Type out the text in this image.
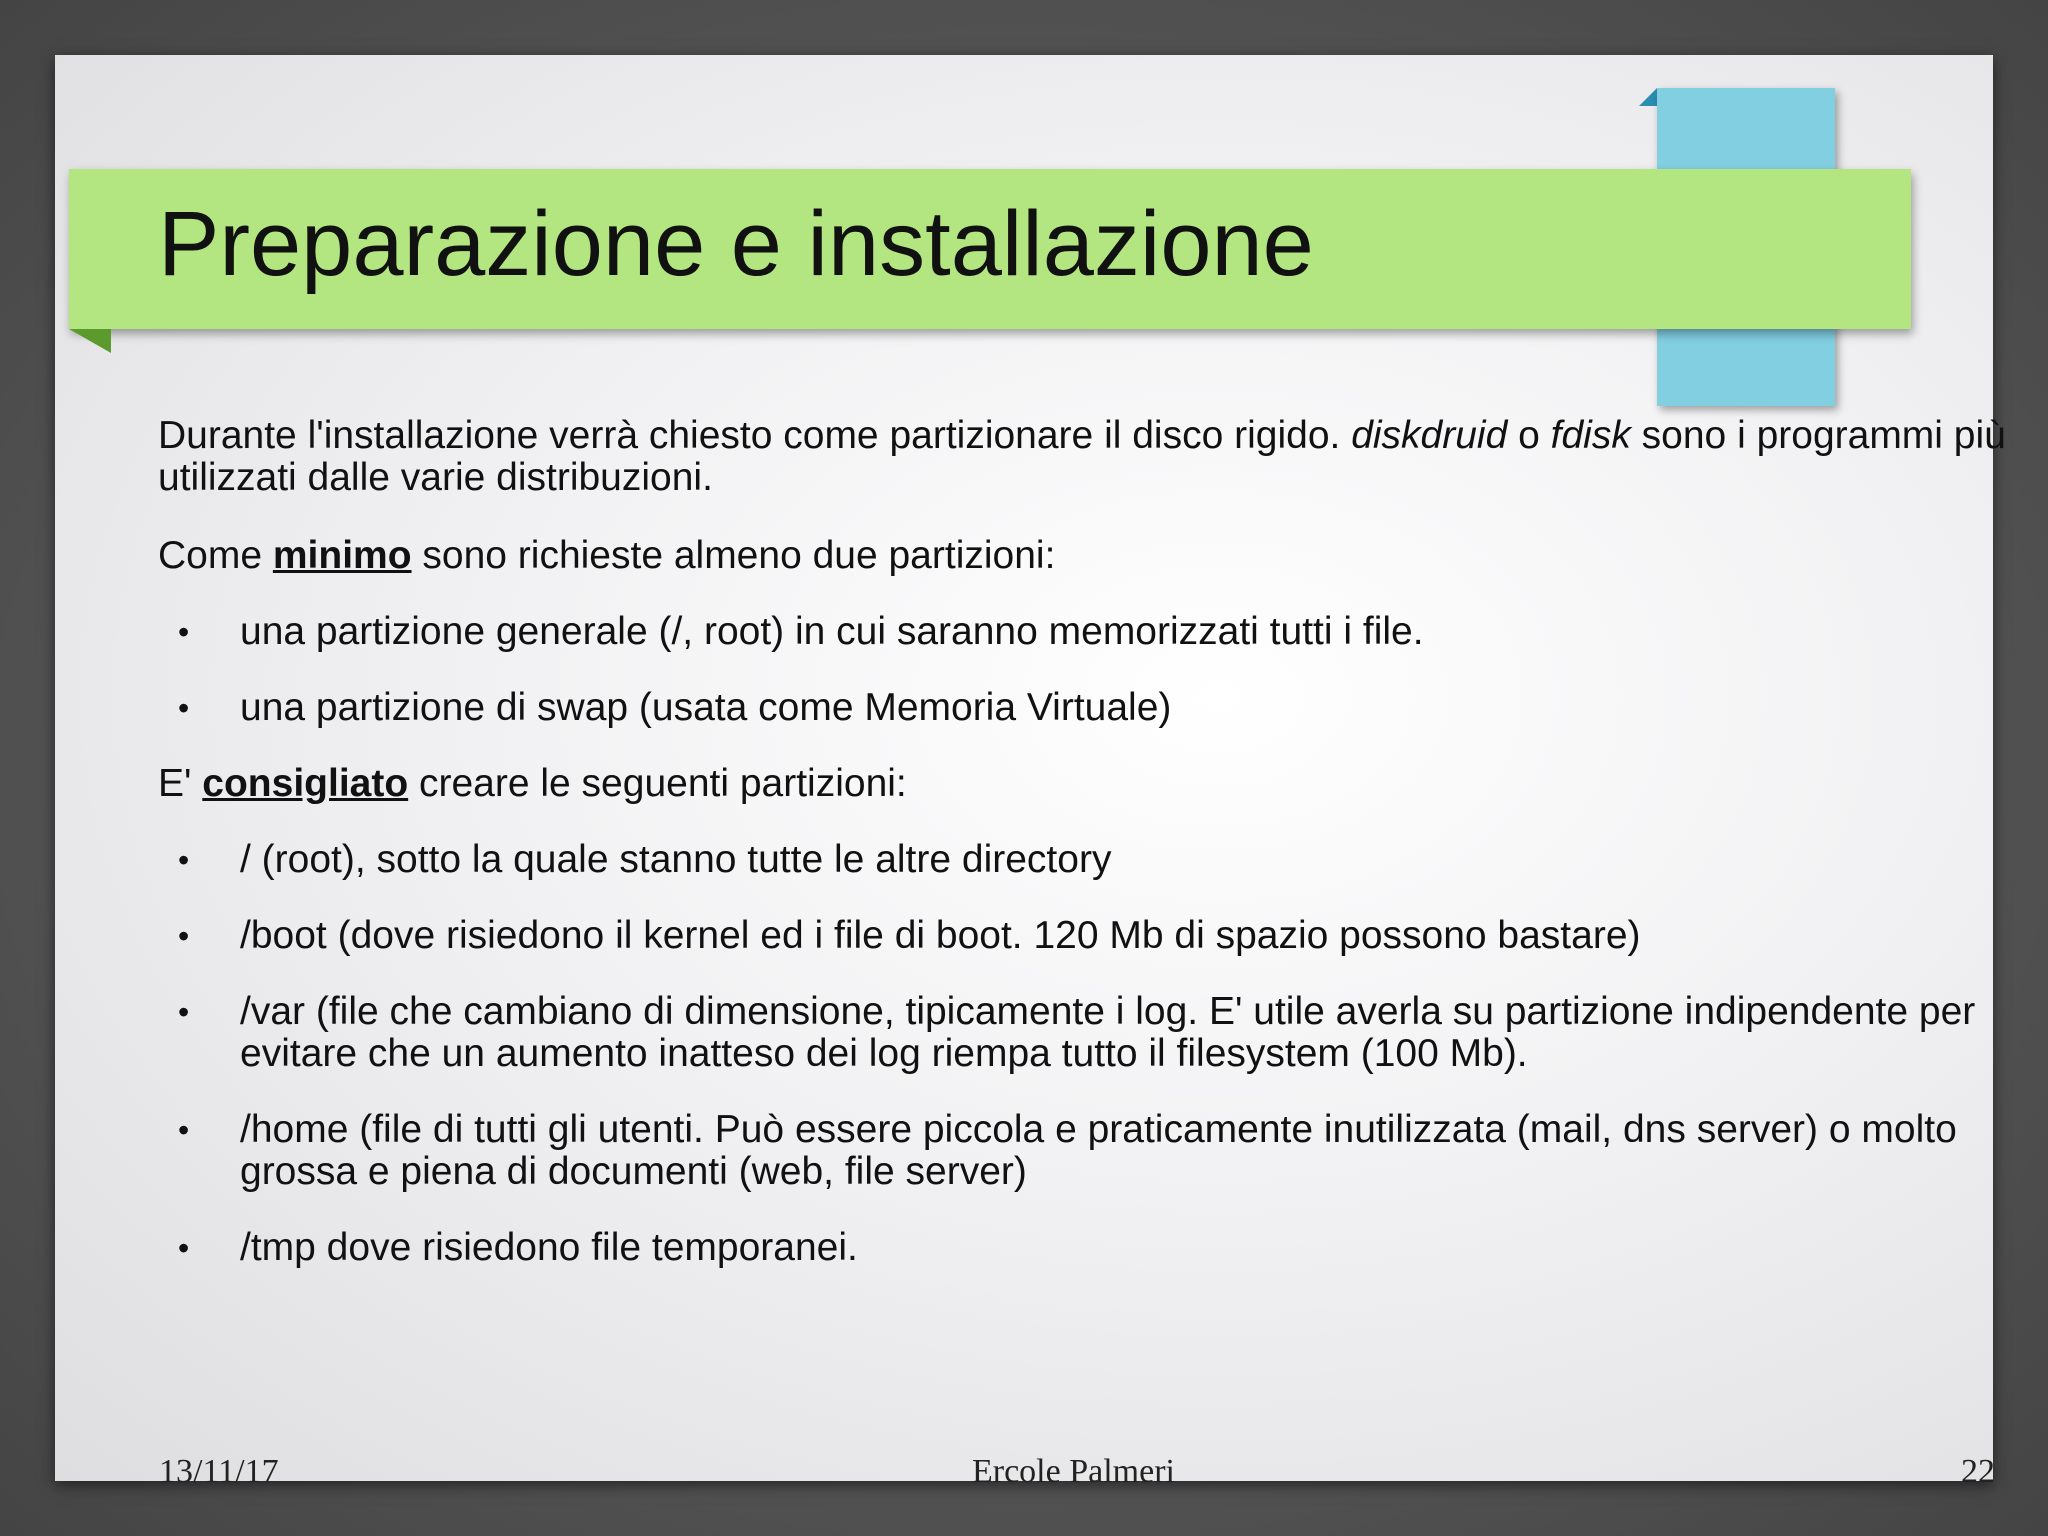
Preparazione e installazione

Durante l'installazione verrà chiesto come partizionare il disco rigido. diskdruid o fdisk sono i programmi più utilizzati dalle varie distribuzioni.

Come minimo sono richieste almeno due partizioni:

• una partizione generale (/, root) in cui saranno memorizzati tutti i file.
• una partizione di swap (usata come Memoria Virtuale)

E' consigliato creare le seguenti partizioni:

• / (root), sotto la quale stanno tutte le altre directory
• /boot (dove risiedono il kernel ed i file di boot. 120 Mb di spazio possono bastare)
• /var (file che cambiano di dimensione, tipicamente i log. E' utile averla su partizione indipendente per evitare che un aumento inatteso dei log riempa tutto il filesystem (100 Mb).
• /home (file di tutti gli utenti. Può essere piccola e praticamente inutilizzata (mail, dns server) o molto grossa e piena di documenti (web, file server)
• /tmp dove risiedono file temporanei.
13/11/17	Ercole Palmeri	22
